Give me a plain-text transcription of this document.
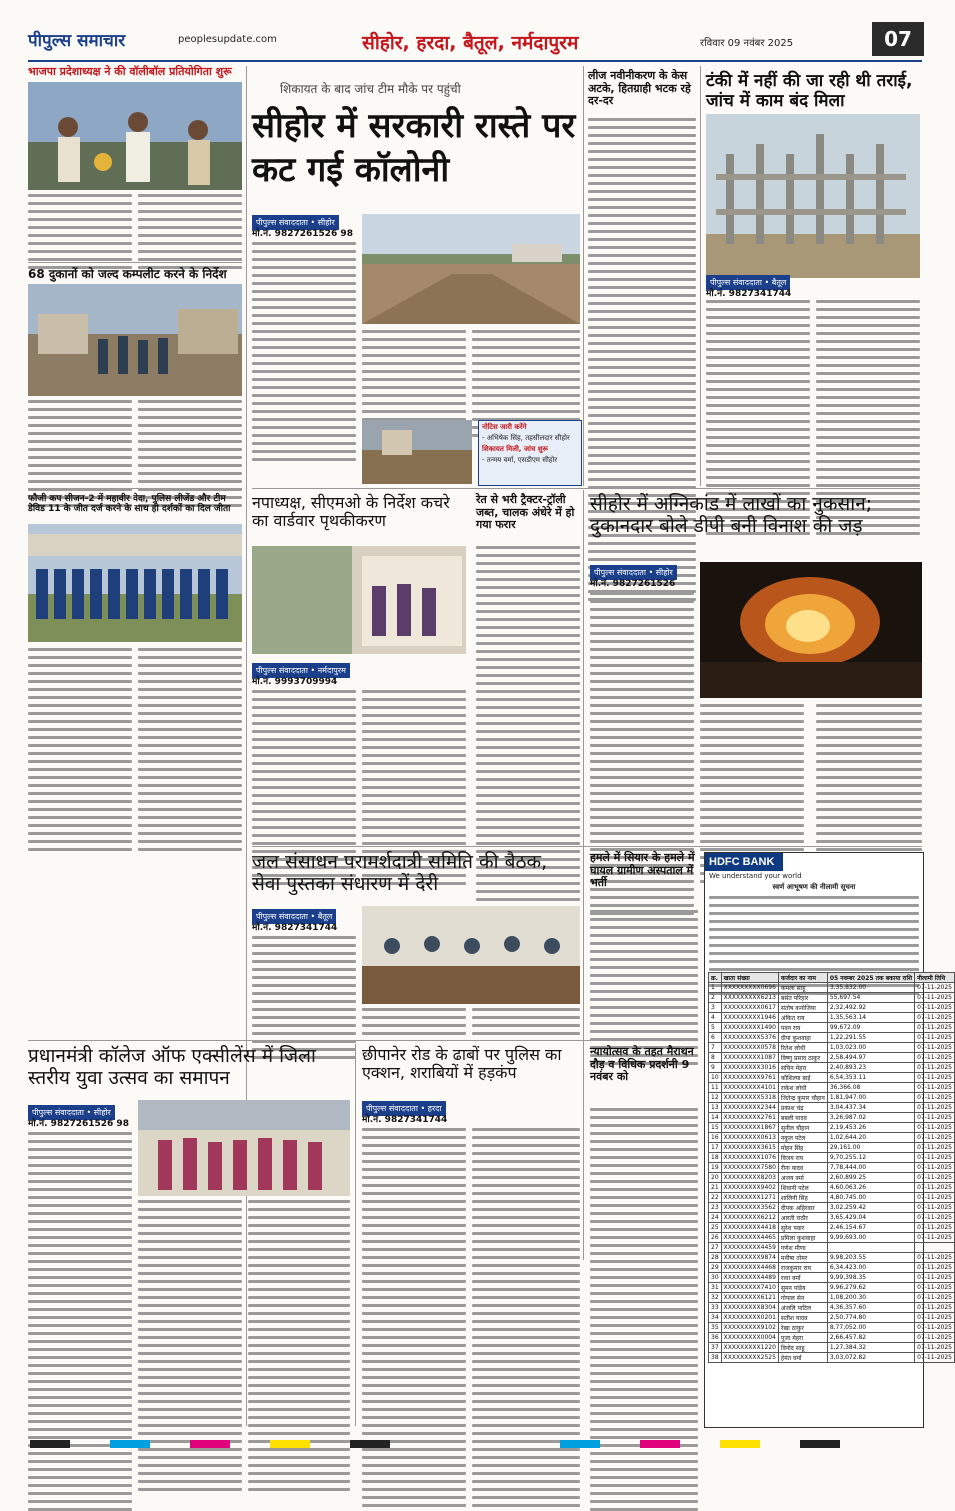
पीपुल्स समाचार	peoplesupdate.com	सीहोर, हरदा, बैतूल, नर्मदापुरम	रविवार 09 नवंबर 2025	07
भाजपा प्रदेशाध्यक्ष ने की वॉलीबॉल प्रतियोगिता शुरू
68 दुकानों को जल्द कम्पलीट करने के निर्देश
फौजी कप सीजन-2 में महावीर वेदा, पुलिस लीजेंड और टीम डेविड 11 के जीत दर्ज करने के साथ ही दर्शकों का दिल जीता
शिकायत के बाद जांच टीम मौके पर पहुंची
सीहोर में सरकारी रास्ते पर कट गई कॉलोनी
पीपुल्स संवाददाता • सीहोर
मो.नं. 9827261526 98
नोटिस जारी करेंगे
- अभिषेक सिंह, तहसीलदार सीहोर
शिकायत मिली, जांच शुरू
- तन्मय वर्मा, एसडीएम सीहोर
लीज नवीनीकरण के केस अटके, हितग्राही भटक रहे दर-दर
टंकी में नहीं की जा रही थी तराई, जांच में काम बंद मिला
पीपुल्स संवाददाता • बैतूल
मो.नं. 9827341744
नपाध्यक्ष, सीएमओ के निर्देश कचरे का वार्डवार पृथकीकरण
पीपुल्स संवाददाता • नर्मदापुरम
मो.नं. 9993709994
रेत से भरी ट्रैक्टर-ट्रॉली जब्त, चालक अंधेरे में हो गया फरार
सीहोर में अग्निकांड में लाखों का नुकसान; दुकानदार बोले डीपी बनी विनाश की जड़
पीपुल्स संवाददाता • सीहोर
मो.नं. 9827261526
जल संसाधन परामर्शदात्री समिति की बैठक, सेवा पुस्तका संधारण में देरी
पीपुल्स संवाददाता • बैतूल
मो.नं. 9827341744
हमले में सियार के हमले में घायल ग्रामीण अस्पताल में भर्ती
प्रधानमंत्री कॉलेज ऑफ एक्सीलेंस में जिला स्तरीय युवा उत्सव का समापन
पीपुल्स संवाददाता • सीहोर
मो.नं. 9827261526 98
छीपानेर रोड के ढाबों पर पुलिस का एक्शन, शराबियों में हड़कंप
पीपुल्स संवाददाता • हरदा
मो.नं. 9827341744
न्यायोत्सव के तहत मैराथन दौड़ व विधिक प्रदर्शनी 9 नवंबर को
HDFC BANK
We understand your world
स्वर्ण आभूषण की नीलामी सूचना
क्र.	खाता संख्या	कर्जदार का नाम	05 नवम्बर 2025 तक बकाया राशि	नीलामी तिथि
1	XXXXXXXXX0696	कमला साहू	3,35,832.00	07-11-2025
2	XXXXXXXXX6213	बसंत परिहार	55,697.54	07-11-2025
3	XXXXXXXXX0617	संतोष कनोजिया	2,32,492.92	07-11-2025
4	XXXXXXXXX1946	अंकित राय	1,35,563.14	07-11-2025
5	XXXXXXXXX1490	पवन राय	99,672.09	07-11-2025
6	XXXXXXXXX5376	दीपा कुशवाहा	1,22,291.55	07-11-2025
7	XXXXXXXXX0578	रितेश लोधी	1,03,023.00	07-11-2025
8	XXXXXXXXX1087	विष्णु प्रसाद ठाकुर	2,58,494.97	07-11-2025
9	XXXXXXXXX3016	सचिन मेहरा	2,40,893.23	07-11-2025
10	XXXXXXXXX9761	कौशिल्या बाई	6,54,353.11	07-11-2025
11	XXXXXXXXX4101	राकेश लोधी	36,366.08	07-11-2025
12	XXXXXXXXX5318	जितेन्द्र कुमार चौहान	1,81,947.00	07-11-2025
13	XXXXXXXXX2344	प्रकाश चंद्र	3,04,437.34	07-11-2025
14	XXXXXXXXX2761	बबली यादव	3,26,987.02	07-11-2025
15	XXXXXXXXX1867	सुनील चौहान	2,19,453.26	07-11-2025
16	XXXXXXXXX0613	नकुल पटेल	1,02,644.20	07-11-2025
17	XXXXXXXXX3615	मोहन सिंह	29,161.00	07-11-2025
18	XXXXXXXXX1076	विजय राय	9,70,255.12	07-11-2025
19	XXXXXXXXX7580	रीना यादव	7,78,444.00	07-11-2025
20	XXXXXXXXX8203	अजय वर्मा	2,60,899.25	07-11-2025
21	XXXXXXXXX9402	शिवानी पटेल	4,60,063.26	07-11-2025
22	XXXXXXXXX1271	शालिनी सिंह	4,80,745.00	07-11-2025
23	XXXXXXXXX3562	दीपक अहिरवार	3,02,259.42	07-11-2025
24	XXXXXXXXX6212	आरती राठौर	3,65,429.04	07-11-2025
25	XXXXXXXXX4418	सुरेश पवार	2,46,154.67	07-11-2025
26	XXXXXXXXX4465	प्रमिला कुशवाहा	9,99,693.00	07-11-2025
27	XXXXXXXXX4459	गणेश मीणा		
28	XXXXXXXXX9874	मनीषा तोमर	9,98,203.55	07-11-2025
29	XXXXXXXXX4468	राजकुमार राय	6,34,423.00	07-11-2025
30	XXXXXXXXX4489	राधा वर्मा	9,99,398.35	07-11-2025
31	XXXXXXXXX7410	सुमन पांडेय	9,96,279.62	07-11-2025
32	XXXXXXXXX6121	गोपाल सेन	1,08,200.30	07-11-2025
33	XXXXXXXXX8304	अंजलि पाटिल	4,36,357.60	07-11-2025
34	XXXXXXXXX0201	सतीश यादव	2,50,774.80	07-11-2025
35	XXXXXXXXX9102	रेखा ठाकुर	8,77,052.00	07-11-2025
36	XXXXXXXXX0004	पूजा मेहरा	2,66,457.82	07-11-2025
37	XXXXXXXXX1220	विनोद साहू	1,27,384.32	07-11-2025
38	XXXXXXXXX2525	हेमंत वर्मा	3,03,072.82	07-11-2025
